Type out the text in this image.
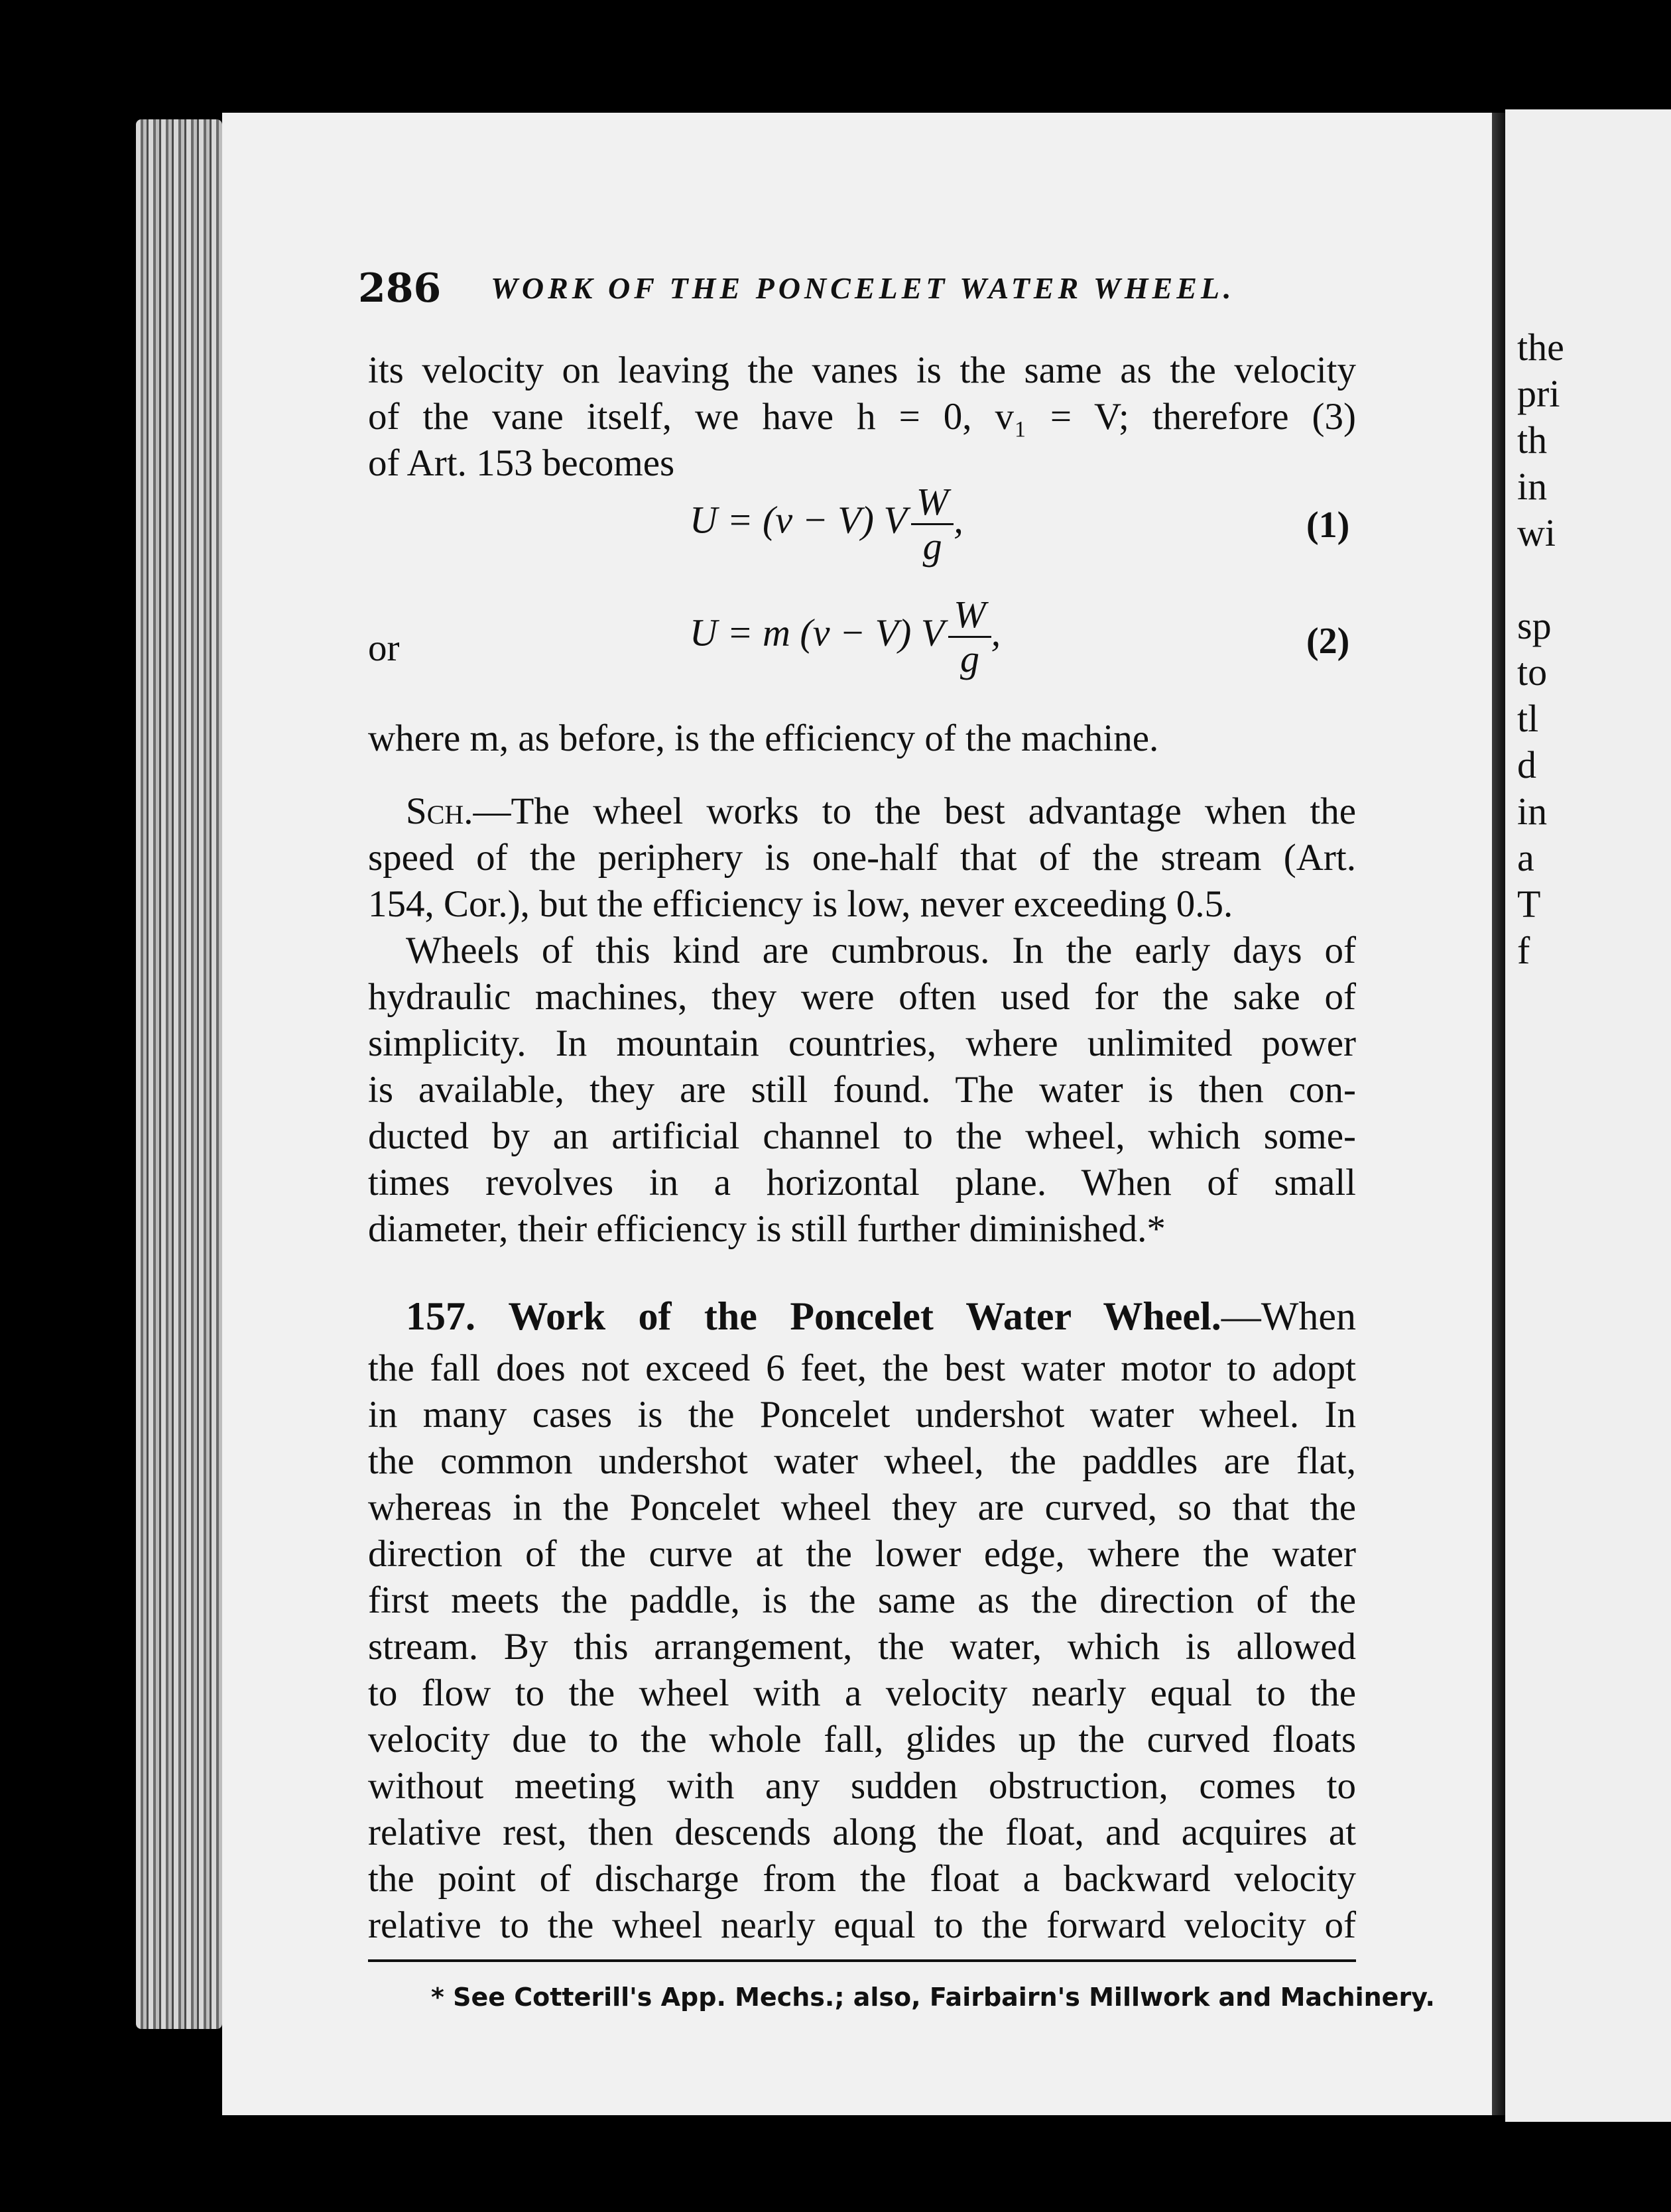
the
pri
th
in
wi
sp
to
tl
d
in
a
T
f
286 WORK OF THE PONCELET WATER WHEEL.
its velocity on leaving the vanes is the same as the velocity
of the vane itself, we have h = 0, v₁ = V; therefore (3)
of Art. 153 becomes
U = (v − V) V $\frac{W}{g}$ ,	(1)
or	U = m (v − V) V $\frac{W}{g}$ ,	(2)
where m, as before, is the efficiency of the machine.
Sch.—The wheel works to the best advantage when the
speed of the periphery is one-half that of the stream (Art.
154, Cor.), but the efficiency is low, never exceeding 0.5.
Wheels of this kind are cumbrous. In the early days of
hydraulic machines, they were often used for the sake of
simplicity. In mountain countries, where unlimited power
is available, they are still found. The water is then con-
ducted by an artificial channel to the wheel, which some-
times revolves in a horizontal plane. When of small
diameter, their efficiency is still further diminished.*
157. Work of the Poncelet Water Wheel.—When
the fall does not exceed 6 feet, the best water motor to adopt
in many cases is the Poncelet undershot water wheel. In
the common undershot water wheel, the paddles are flat,
whereas in the Poncelet wheel they are curved, so that the
direction of the curve at the lower edge, where the water
first meets the paddle, is the same as the direction of the
stream. By this arrangement, the water, which is allowed
to flow to the wheel with a velocity nearly equal to the
velocity due to the whole fall, glides up the curved floats
without meeting with any sudden obstruction, comes to
relative rest, then descends along the float, and acquires at
the point of discharge from the float a backward velocity
relative to the wheel nearly equal to the forward velocity of
* See Cotterill's App. Mechs.; also, Fairbairn's Millwork and Machinery.
